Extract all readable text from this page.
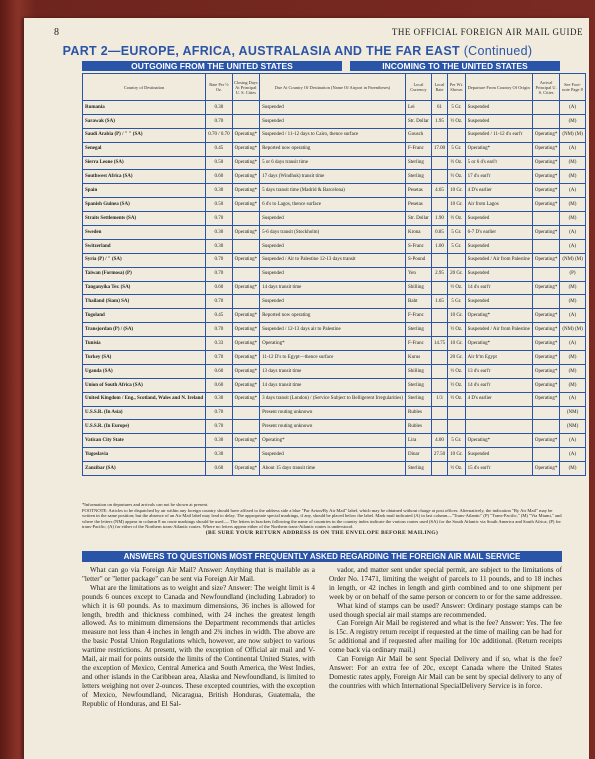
8	THE OFFICIAL FOREIGN AIR MAIL GUIDE
PART 2—EUROPE, AFRICA, AUSTRALASIA AND THE FAR EAST (Continued)
OUTGOING FROM THE UNITED STATES	INCOMING TO THE UNITED STATES
Country of Destination	Rate Per ½ Oz.	Closing Days At Principal U. S. Cities	Due At Country Of Destination (Name Of Airport in Parentheses)	Local Currency	Local Rate	Per Wt. Shown	Departure From Country Of Origin	Arrival Principal U. S. Cities	See Foot-note Page 8
Rumania	0.30		Suspended	Lei	61	5 Gr.	Suspended		(A)
Sarawak (SA)	0.70		Suspended	Str. Dollar	1.95	½ Oz.	Suspended		(M)
Saudi Arabia (P) / " " (SA)	0.70 / 0.70	Operating*	Suspended / 11-12 days to Cairo, thence surface	Gousch			Suspended / 11-12 d's earl'r	Operating*	(NM) (M)
Senegal	0.45	Operating*	Reported now operating	F-Franc	17.00	5 Gr.	Operating*	Operating*	(A)
Sierra Leone (SA)	0.50	Operating*	5 or 6 days transit time	Sterling		½ Oz.	5 or 6 d's earl'r	Operating*	(M)
Southwest Africa (SA)	0.60	Operating*	17 days (Windhuk) transit time	Sterling		½ Oz.	17 d's earl'r	Operating*	(M)
Spain	0.30	Operating*	5 days transit time (Madrid & Barcelona)	Pesetas	4.65	10 Gr.	4 D's earlier	Operating*	(A)
Spanish Guinea (SA)	0.50	Operating*	6 d's to Lagos, thence surface	Pesetas		10 Gr.	Air from Lagos	Operating*	(M)
Straits Settlements (SA)	0.70		Suspended	Str. Dollar	1.90	½ Oz.	Suspended		(M)
Sweden	0.30	Operating*	5-6 days transit (Stockholm)	Krona	0.85	5 Gr.	6-7 D's earlier	Operating*	(A)
Switzerland	0.30		Suspended	S-Franc	1.00	5 Gr.	Suspended		(A)
Syria (P) / " (SA)	0.70	Operating*	Suspended / Air to Palestine 12-13 days transit	S-Pound			Suspended / Air from Palestine	Operating*	(NM) (M)
Taiwan (Formosa) (P)	0.70		Suspended	Yen	2.95	20 Gr.	Suspended		(P)
Tanganyika Ter. (SA)	0.60	Operating*	14 days transit time	Shilling		½ Oz.	14 d's earl'r	Operating*	(M)
Thailand (Siam) SA)	0.70		Suspended	Baht	1.65	5 Gr.	Suspended		(M)
Togoland	0.45	Operating*	Reported now operating	F-Franc		10 Gr.	Operating*	Operating*	(A)
Transjordan (P) / (SA)	0.70	Operating*	Suspended / 12-13 days air to Palestine	Sterling		½ Oz.	Suspended / Air from Palestine	Operating*	(NM) (M)
Tunisia	0.33	Operating*	Operating*	F-Franc	14.75	10 Gr.	Operating*	Operating*	(A)
Turkey (SA)	0.70	Operating*	11-12 D's to Egypt—thence surface	Kurus		20 Gr.	Air fr'm Egypt	Operating*	(M)
Uganda (SA)	0.60	Operating*	13 days transit time	Shilling		½ Oz.	13 d's earl'r	Operating*	(M)
Union of South Africa (SA)	0.60	Operating*	14 days transit time	Sterling		½ Oz.	14 d's earl'r	Operating*	(M)
United Kingdom / Eng., Scotland, Wales and N. Ireland	0.30	Operating*	3 days transit (London) / (Service Subject to Belligerent Irregularities)	Sterling	1/3	½ Oz.	4 D's earlier	Operating*	(A)
U.S.S.R. (In Asia)	0.70		Present routing unknown	Rubles					(NM)
U.S.S.R. (In Europe)	0.70		Present routing unknown	Rubles					(NM)
Vatican City State	0.30	Operating*	Operating*	Lira	4.00	5 Gr.	Operating*	Operating*	(A)
Yugoslavia	0.30		Suspended	Dinar	27.50	10 Gr.	Suspended		(A)
Zanzibar (SA)	0.60	Operating*	About 15 days transit time	Sterling		½ Oz.	15 d's earl'r	Operating*	(M)
*Information on departures and arrivals can not be shown at present.
FOOTNOTE: Articles to be dispatched by air within any foreign country should have affixed to the address side a blue "Par Avion/By Air Mail" label, which may be obtained without charge at post offices. Alternatively, the indication "By Air Mail" may be written in the same position; but the absence of an Air Mail label may lead to delay. The appropriate special markings, if any, should be placed below the label. Mark mail indicated (A) in last column—"Trans-Atlantic" (P) "Trans-Pacific," (M) "Via Miami," and where the letters (NM) appear in column 8 no route markings should be used.— The letters in brackets following the name of countries in the country index indicate the various routes used (SA) for the South Atlantic via South America and South Africa; (P) for trans-Pacific; (A) for either of the Northern trans-Atlantic routes. Where no letters appear either of the Northern trans-Atlantic routes is understood.
(BE SURE YOUR RETURN ADDRESS IS ON THE ENVELOPE BEFORE MAILING)
ANSWERS TO QUESTIONS MOST FREQUENTLY ASKED REGARDING THE FOREIGN AIR MAIL SERVICE

What can go via Foreign Air Mail? Answer: Anything that is mailable as a "letter" or "letter package" can be sent via Foreign Air Mail.

What are the limitations as to weight and size? Answer: The weight limit is 4 pounds 6 ounces except to Canada and Newfoundland (including Labrador) to which it is 60 pounds. As to maximum dimensions, 36 inches is allowed for length, bredth and thickness combined, with 24 inches the greatest length allowed. As to minimum dimensions the Department recommends that articles measure not less than 4 inches in length and 2¾ inches in width. The above are the basic Postal Union Regulations which, however, are now subject to various wartime restrictions. At present, with the exception of Official air mail and V-Mail, air mail for points outside the limits of the Continental United States, with the exception of Mexico, Central America and South America, the West Indies, and other islands in the Caribbean area, Alaska and Newfoundland, is limited to letters weighing not over 2-ounces. These excepted countries, with the exception of Mexico, Newfoundland, Nicaragua, British Honduras, Guatemala, the Republic of Honduras, and El Sal-

vador, and matter sent under special permit, are subject to the limitations of Order No. 17471, limiting the weight of parcels to 11 pounds, and to 18 inches in length, or 42 inches in length and girth combined and to one shipment per week by or on behalf of the same person or concern to or for the same addressee.

What kind of stamps can be used? Answer: Ordinary postage stamps can be used though special air mail stamps are recommended.

Can Foreign Air Mail be registered and what is the fee? Answer: Yes. The fee is 15c. A registry return receipt if requested at the time of mailing can be had for 5c additional and if requested after mailing for 10c additional. (Return receipts come back via ordinary mail.)

Can Foreign Air Mail be sent Special Delivery and if so, what is the fee? Answer: For an extra fee of 20c, except Canada where the United States Domestic rates apply, Foreign Air Mail can be sent by special delivery to any of the countries with which International SpecialDelivery Service is in force.
